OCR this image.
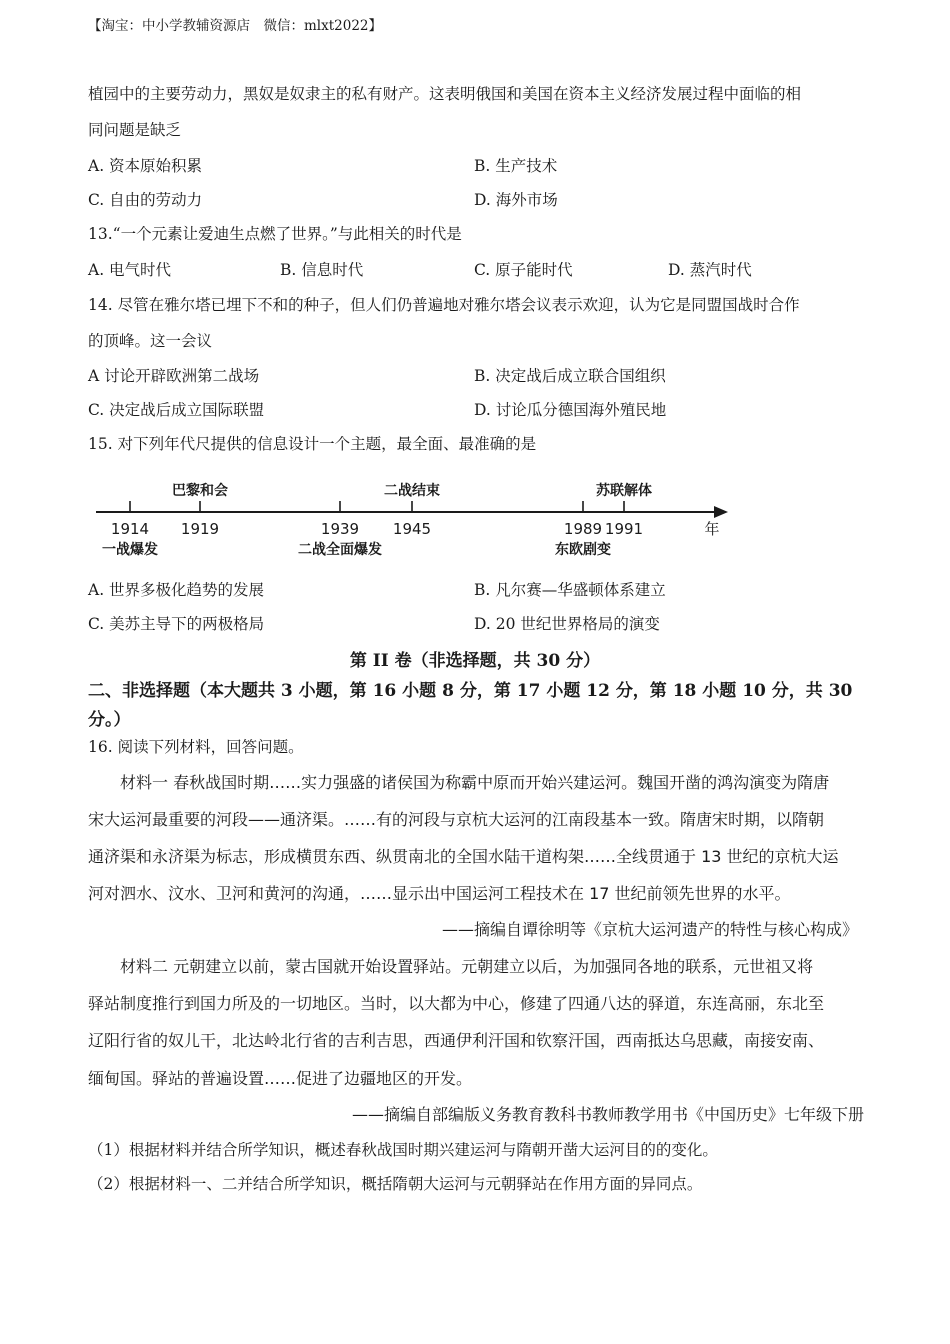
【淘宝：中小学教辅资源店　微信：mlxt2022】
植园中的主要劳动力，黑奴是奴隶主的私有财产。这表明俄国和美国在资本主义经济发展过程中面临的相
同问题是缺乏
A. 资本原始积累	B. 生产技术
C. 自由的劳动力	D. 海外市场
13.“一个元素让爱迪生点燃了世界。”与此相关的时代是
A. 电气时代	B. 信息时代	C. 原子能时代	D. 蒸汽时代
14. 尽管在雅尔塔已埋下不和的种子，但人们仍普遍地对雅尔塔会议表示欢迎，认为它是同盟国战时合作
的顶峰。这一会议
A 讨论开辟欧洲第二战场	B. 决定战后成立联合国组织
C. 决定战后成立国际联盟	D. 讨论瓜分德国海外殖民地
15. 对下列年代尺提供的信息设计一个主题，最全面、最准确的是
1914
一战爆发
1919
巴黎和会
1939
二战全面爆发
1945
二战结束
1989
东欧剧变
1991
苏联解体
年
A. 世界多极化趋势的发展	B. 凡尔赛—华盛顿体系建立
C. 美苏主导下的两极格局	D. 20 世纪世界格局的演变
第 II 卷（非选择题，共 30 分）
二、非选择题（本大题共 3 小题，第 16 小题 8 分，第 17 小题 12 分，第 18 小题 10 分，共 30
分。）
16. 阅读下列材料，回答问题。
材料一 春秋战国时期……实力强盛的诸侯国为称霸中原而开始兴建运河。魏国开凿的鸿沟演变为隋唐
宋大运河最重要的河段——通济渠。……有的河段与京杭大运河的江南段基本一致。隋唐宋时期，以隋朝
通济渠和永济渠为标志，形成横贯东西、纵贯南北的全国水陆干道构架……全线贯通于 13 世纪的京杭大运
河对泗水、汶水、卫河和黄河的沟通，……显示出中国运河工程技术在 17 世纪前领先世界的水平。
——摘编自谭徐明等《京杭大运河遗产的特性与核心构成》
材料二 元朝建立以前，蒙古国就开始设置驿站。元朝建立以后，为加强同各地的联系，元世祖又将
驿站制度推行到国力所及的一切地区。当时，以大都为中心，修建了四通八达的驿道，东连高丽，东北至
辽阳行省的奴儿干，北达岭北行省的吉利吉思，西通伊利汗国和钦察汗国，西南抵达乌思藏，南接安南、
缅甸国。驿站的普遍设置……促进了边疆地区的开发。
——摘编自部编版义务教育教科书教师教学用书《中国历史》七年级下册
（1）根据材料并结合所学知识，概述春秋战国时期兴建运河与隋朝开凿大运河目的的变化。
（2）根据材料一、二并结合所学知识，概括隋朝大运河与元朝驿站在作用方面的异同点。
